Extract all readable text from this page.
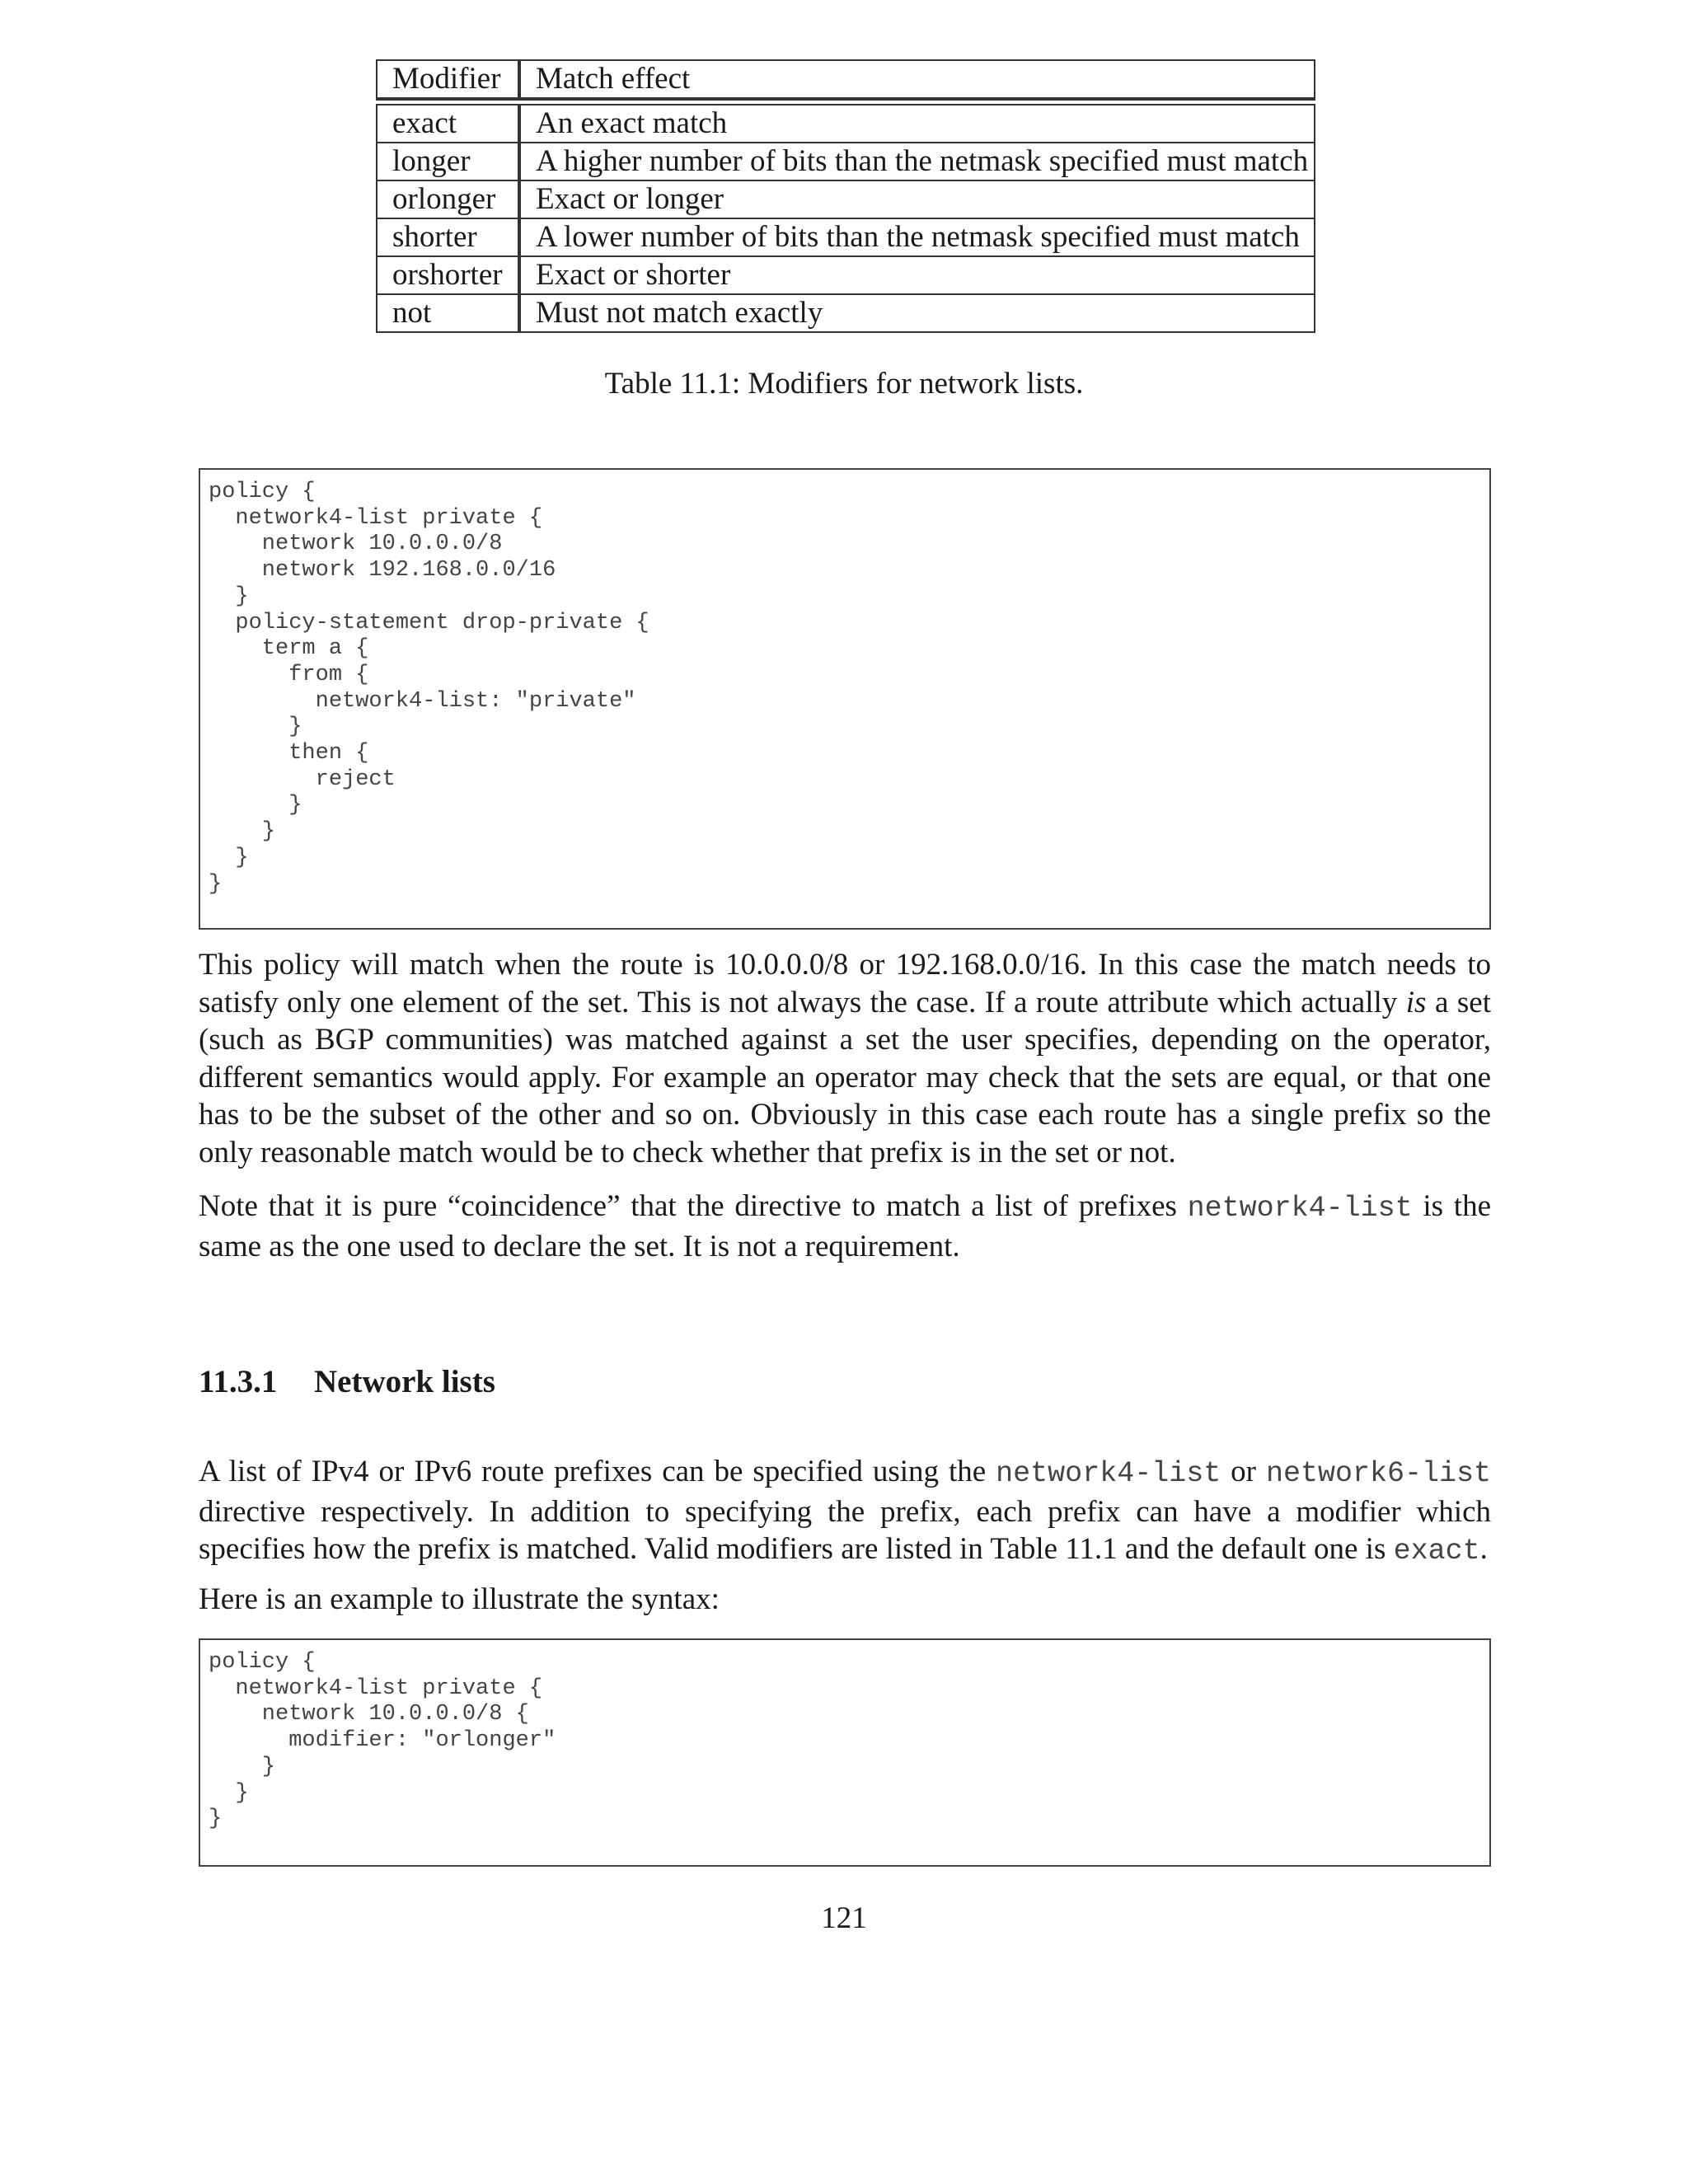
Modifier	Match effect

exact	An exact match
longer	A higher number of bits than the netmask specified must match
orlonger	Exact or longer
shorter	A lower number of bits than the netmask specified must match
orshorter	Exact or shorter
not	Must not match exactly
Table 11.1: Modifiers for network lists.
policy {
network4-list private {
network 10.0.0.0/8
network 192.168.0.0/16
}
policy-statement drop-private {
term a {
from {
network4-list: "private"
}
then {
reject
}
}
}
}

This policy will match when the route is 10.0.0.0/8 or 192.168.0.0/16. In this case the match needs to satisfy only one element of the set. This is not always the case. If a route attribute which actually is a set (such as BGP communities) was matched against a set the user specifies, depending on the operator, different semantics would apply. For example an operator may check that the sets are equal, or that one has to be the subset of the other and so on. Obviously in this case each route has a single prefix so the only reasonable match would be to check whether that prefix is in the set or not.

Note that it is pure “coincidence” that the directive to match a list of prefixes network4-list is the same as the one used to declare the set. It is not a requirement.

11.3.1 Network lists

A list of IPv4 or IPv6 route prefixes can be specified using the network4-list or network6-list directive respectively. In addition to specifying the prefix, each prefix can have a modifier which specifies how the prefix is matched. Valid modifiers are listed in Table 11.1 and the default one is exact.

Here is an example to illustrate the syntax:

policy {
network4-list private {
network 10.0.0.0/8 {
modifier: "orlonger"
}
}
}
121
